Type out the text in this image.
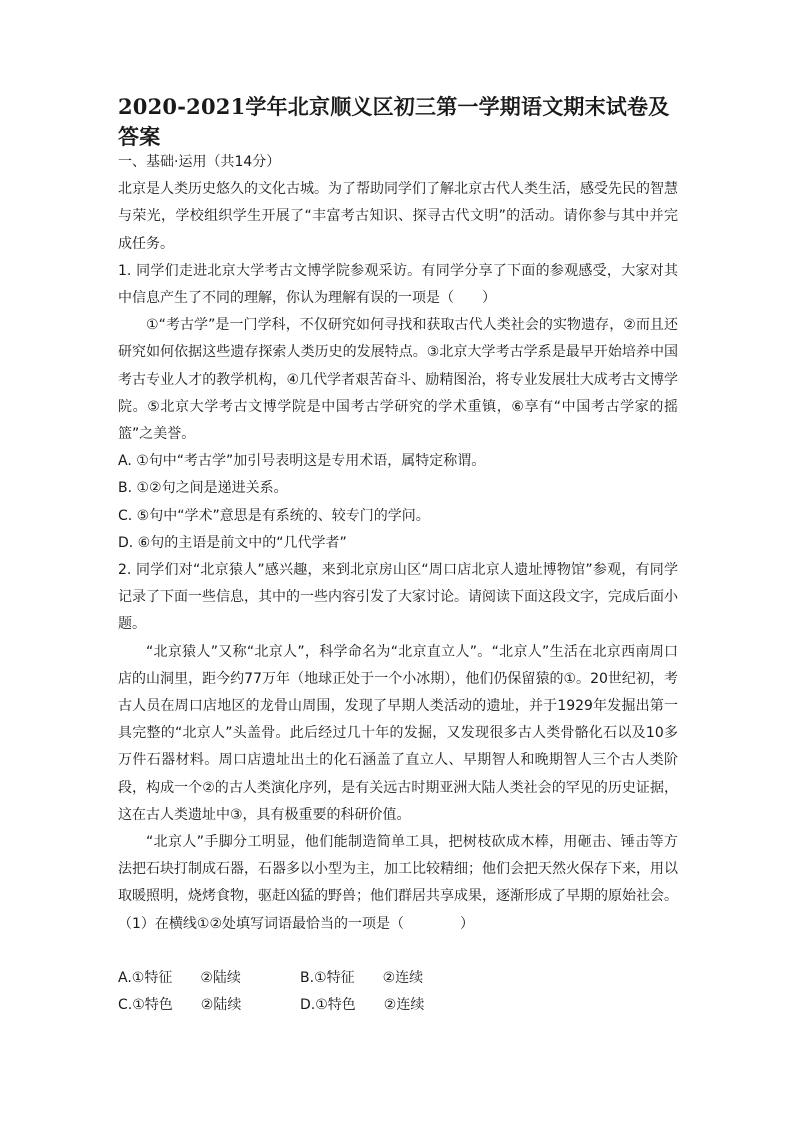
2020-2021学年北京顺义区初三第一学期语文期末试卷及答案

一、基础·运用（共14分）

北京是人类历史悠久的文化古城。为了帮助同学们了解北京古代人类生活，感受先民的智慧与荣光，学校组织学生开展了“丰富考古知识、探寻古代文明”的活动。请你参与其中并完成任务。

1. 同学们走进北京大学考古文博学院参观采访。有同学分享了下面的参观感受，大家对其中信息产生了不同的理解，你认为理解有误的一项是（　　）

①“考古学”是一门学科，不仅研究如何寻找和获取古代人类社会的实物遗存，②而且还研究如何依据这些遗存探索人类历史的发展特点。③北京大学考古学系是最早开始培养中国考古专业人才的教学机构，④几代学者艰苦奋斗、励精图治，将专业发展壮大成考古文博学院。⑤北京大学考古文博学院是中国考古学研究的学术重镇，⑥享有“中国考古学家的摇篮”之美誉。

A. ①句中“考古学”加引号表明这是专用术语，属特定称谓。

B. ①②句之间是递进关系。

C. ⑤句中“学术”意思是有系统的、较专门的学问。

D. ⑥句的主语是前文中的“几代学者”

2. 同学们对“北京猿人”感兴趣，来到北京房山区“周口店北京人遗址博物馆”参观，有同学记录了下面一些信息，其中的一些内容引发了大家讨论。请阅读下面这段文字，完成后面小题。

“北京猿人”又称“北京人”，科学命名为“北京直立人”。“北京人”生活在北京西南周口店的山洞里，距今约77万年（地球正处于一个小冰期），他们仍保留猿的①。20世纪初，考古人员在周口店地区的龙骨山周围，发现了早期人类活动的遗址，并于1929年发掘出第一具完整的“北京人”头盖骨。此后经过几十年的发掘，又发现很多古人类骨骼化石以及10多万件石器材料。周口店遗址出土的化石涵盖了直立人、早期智人和晚期智人三个古人类阶段，构成一个②的古人类演化序列，是有关远古时期亚洲大陆人类社会的罕见的历史证据，这在古人类遗址中③，具有极重要的科研价值。

“北京人”手脚分工明显，他们能制造简单工具，把树枝砍成木棒，用砸击、锤击等方法把石块打制成石器，石器多以小型为主，加工比较精细；他们会把天然火保存下来，用以取暖照明，烧烤食物，驱赶凶猛的野兽；他们群居共享成果，逐渐形成了早期的原始社会。

（1）在横线①②处填写词语最恰当的一项是（　　　　）

A.①特征　　②陆续	B.①特征　　②连续
C.①特色　　②陆续	D.①特色　　②连续
